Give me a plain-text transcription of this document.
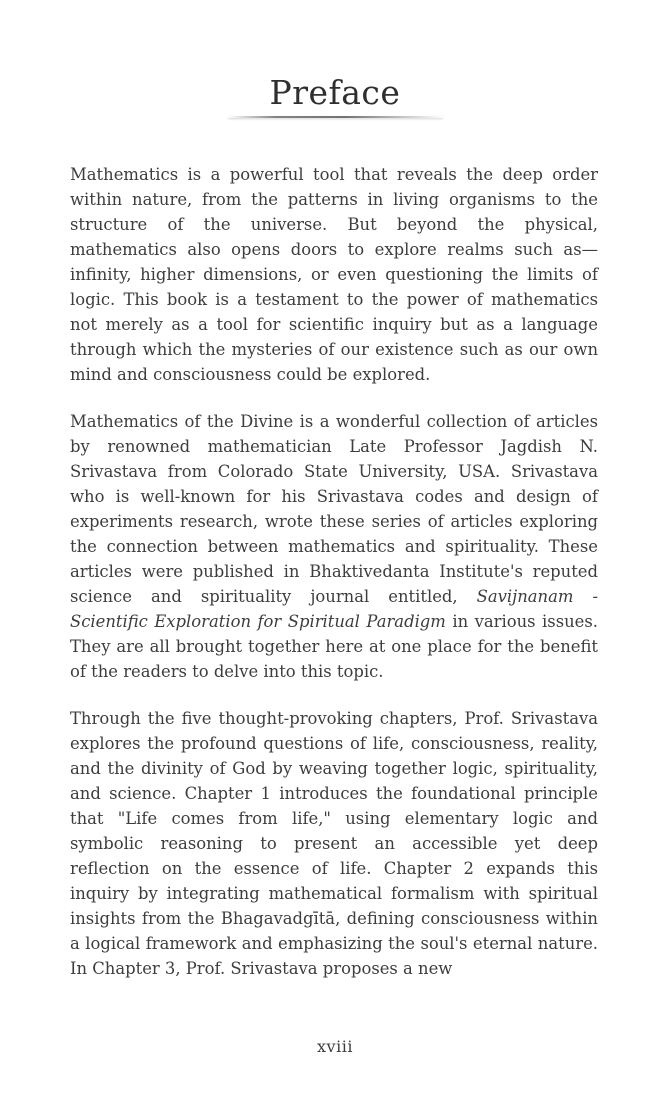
Preface

Mathematics is a powerful tool that reveals the deep order within nature, from the patterns in living organisms to the structure of the universe. But beyond the physical, mathematics also opens doors to explore realms such as—infinity, higher dimensions, or even questioning the limits of logic. This book is a testament to the power of mathematics not merely as a tool for scientific inquiry but as a language through which the mysteries of our existence such as our own mind and consciousness could be explored.

Mathematics of the Divine is a wonderful collection of articles by renowned mathematician Late Professor Jagdish N. Srivastava from Colorado State University, USA. Srivastava who is well-known for his Srivastava codes and design of experiments research, wrote these series of articles exploring the connection between mathematics and spirituality. These articles were published in Bhaktivedanta Institute's reputed science and spirituality journal entitled, Savijnanam - Scientific Exploration for Spiritual Paradigm in various issues. They are all brought together here at one place for the benefit of the readers to delve into this topic.

Through the five thought-provoking chapters, Prof. Srivastava explores the profound questions of life, consciousness, reality, and the divinity of God by weaving together logic, spirituality, and science. Chapter 1 introduces the foundational principle that "Life comes from life," using elementary logic and symbolic reasoning to present an accessible yet deep reflection on the essence of life. Chapter 2 expands this inquiry by integrating mathematical formalism with spiritual insights from the Bhagavadgītā, defining consciousness within a logical framework and emphasizing the soul's eternal nature. In Chapter 3, Prof. Srivastava proposes a new

xviii
